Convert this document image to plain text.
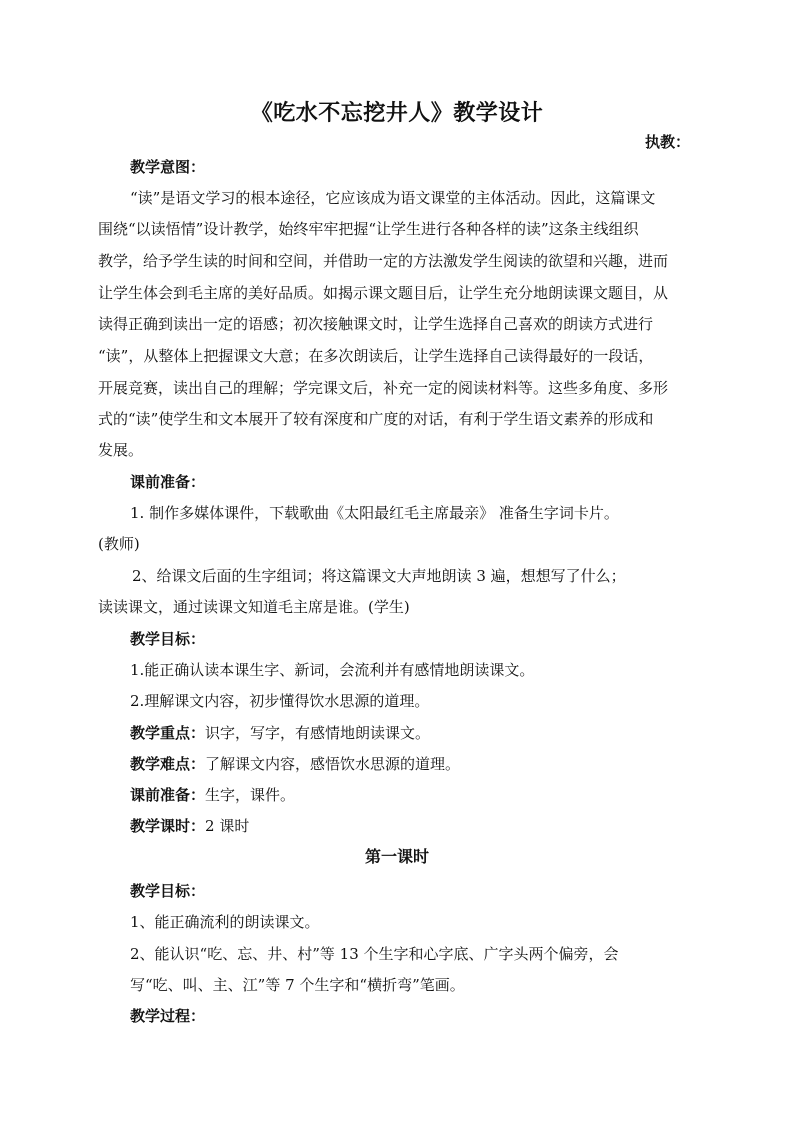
《吃水不忘挖井人》教学设计
执教：
教学意图：
“读”是语文学习的根本途径，它应该成为语文课堂的主体活动。因此，这篇课文
围绕“以读悟情”设计教学，始终牢牢把握“让学生进行各种各样的读”这条主线组织
教学，给予学生读的时间和空间，并借助一定的方法激发学生阅读的欲望和兴趣，进而
让学生体会到毛主席的美好品质。如揭示课文题目后，让学生充分地朗读课文题目，从
读得正确到读出一定的语感；初次接触课文时，让学生选择自己喜欢的朗读方式进行
“读”，从整体上把握课文大意；在多次朗读后，让学生选择自己读得最好的一段话，
开展竞赛，读出自己的理解；学完课文后，补充一定的阅读材料等。这些多角度、多形
式的“读”使学生和文本展开了较有深度和广度的对话，有利于学生语文素养的形成和
发展。
课前准备：
1. 制作多媒体课件，下载歌曲《太阳最红毛主席最亲》 准备生字词卡片。
(教师)
2、给课文后面的生字组词；将这篇课文大声地朗读 3 遍，想想写了什么；
读读课文，通过读课文知道毛主席是谁。(学生)
教学目标：
1.能正确认读本课生字、新词，会流利并有感情地朗读课文。
2.理解课文内容，初步懂得饮水思源的道理。
教学重点：识字，写字，有感情地朗读课文。
教学难点：了解课文内容，感悟饮水思源的道理。
课前准备：生字，课件。
教学课时：2 课时
第一课时
教学目标：
1、能正确流利的朗读课文。
2、能认识“吃、忘、井、村”等 13 个生字和心字底、广字头两个偏旁，会
写“吃、叫、主、江”等 7 个生字和“横折弯”笔画。
教学过程：
